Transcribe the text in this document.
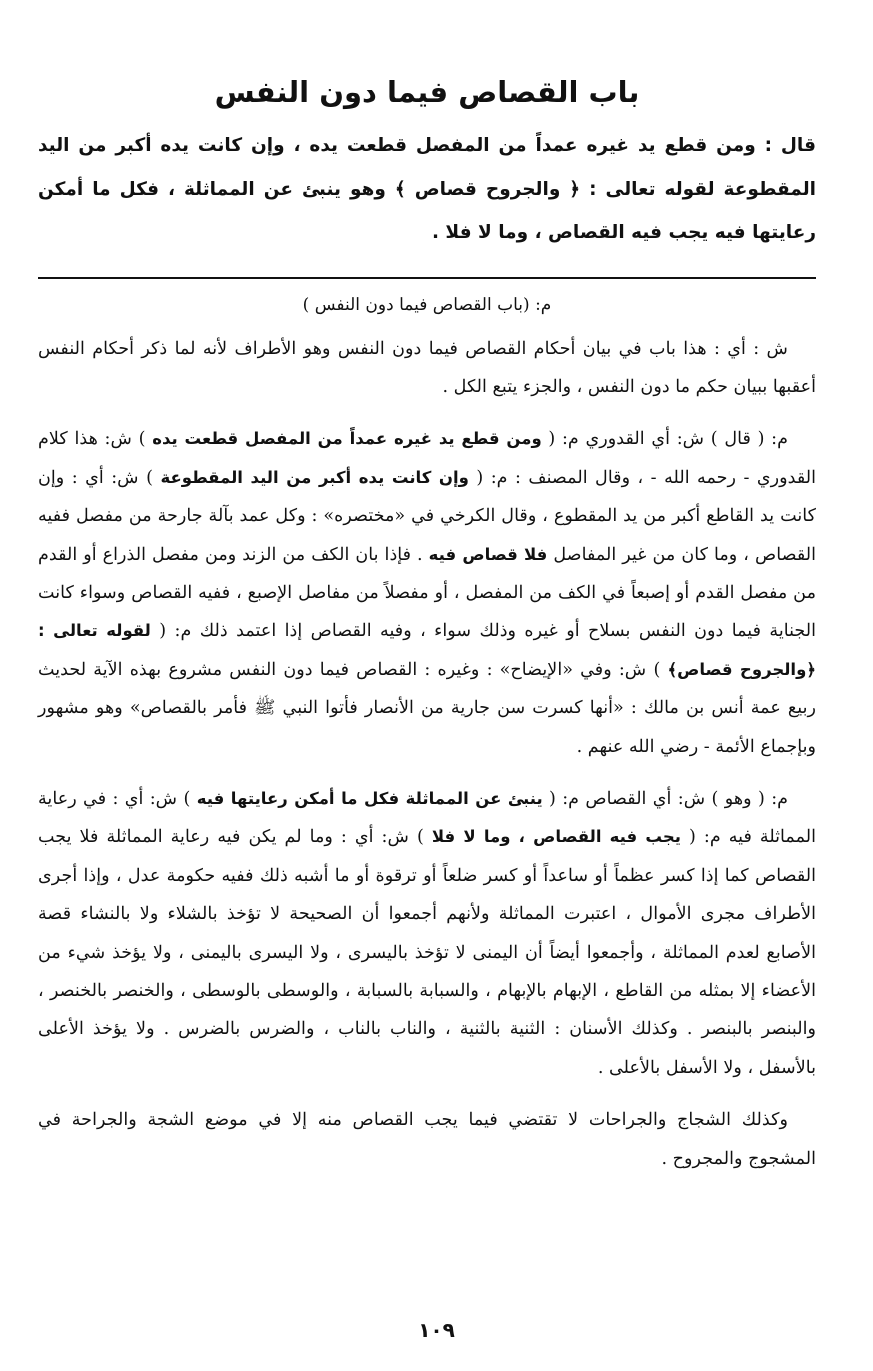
باب القصاص فيما دون النفس

قال : ومن قطع يد غيره عمداً من المفصل قطعت يده ، وإن كانت يده أكبر من اليد المقطوعة لقوله تعالى : ﴿ والجروح قصاص ﴾ وهو ينبئ عن المماثلة ، فكل ما أمكن رعايتها فيه يجب فيه القصاص ، وما لا فلا .

م: (باب القصاص فيما دون النفس )

ش : أي : هذا باب في بيان أحكام القصاص فيما دون النفس وهو الأطراف لأنه لما ذكر أحكام النفس أعقبها ببيان حكم ما دون النفس ، والجزء يتبع الكل .

م: ( قال ) ش: أي القدوري م: ( ومن قطع يد غيره عمداً من المفصل قطعت يده ) ش: هذا كلام القدوري - رحمه الله - ، وقال المصنف : م: ( وإن كانت يده أكبر من اليد المقطوعة ) ش: أي : وإن كانت يد القاطع أكبر من يد المقطوع ، وقال الكرخي في «مختصره» : وكل عمد بآلة جارحة من مفصل ففيه القصاص ، وما كان من غير المفاصل فلا قصاص فيه . فإذا بان الكف من الزند ومن مفصل الذراع أو القدم من مفصل القدم أو إصبعاً في الكف من المفصل ، أو مفصلاً من مفاصل الإصبع ، ففيه القصاص وسواء كانت الجناية فيما دون النفس بسلاح أو غيره وذلك سواء ، وفيه القصاص إذا اعتمد ذلك م: ( لقوله تعالى : ﴿والجروح قصاص﴾ ) ش: وفي «الإيضاح» : وغيره : القصاص فيما دون النفس مشروع بهذه الآية لحديث ربيع عمة أنس بن مالك : «أنها كسرت سن جارية من الأنصار فأتوا النبي ﷺ فأمر بالقصاص» وهو مشهور وبإجماع الأئمة - رضي الله عنهم .

م: ( وهو ) ش: أي القصاص م: ( ينبئ عن المماثلة فكل ما أمكن رعايتها فيه ) ش: أي : في رعاية المماثلة فيه م: ( يجب فيه القصاص ، وما لا فلا ) ش: أي : وما لم يكن فيه رعاية المماثلة فلا يجب القصاص كما إذا كسر عظماً أو ساعداً أو كسر ضلعاً أو ترقوة أو ما أشبه ذلك ففيه حكومة عدل ، وإذا أجرى الأطراف مجرى الأموال ، اعتبرت المماثلة ولأنهم أجمعوا أن الصحيحة لا تؤخذ بالشلاء ولا بالنشاء قصة الأصابع لعدم المماثلة ، وأجمعوا أيضاً أن اليمنى لا تؤخذ باليسرى ، ولا اليسرى باليمنى ، ولا يؤخذ شيء من الأعضاء إلا بمثله من القاطع ، الإبهام بالإبهام ، والسبابة بالسبابة ، والوسطى بالوسطى ، والخنصر بالخنصر ، والبنصر بالبنصر . وكذلك الأسنان : الثنية بالثنية ، والناب بالناب ، والضرس بالضرس . ولا يؤخذ الأعلى بالأسفل ، ولا الأسفل بالأعلى .

وكذلك الشجاج والجراحات لا تقتضي فيما يجب القصاص منه إلا في موضع الشجة والجراحة في المشجوج والمجروح .

١٠٩
